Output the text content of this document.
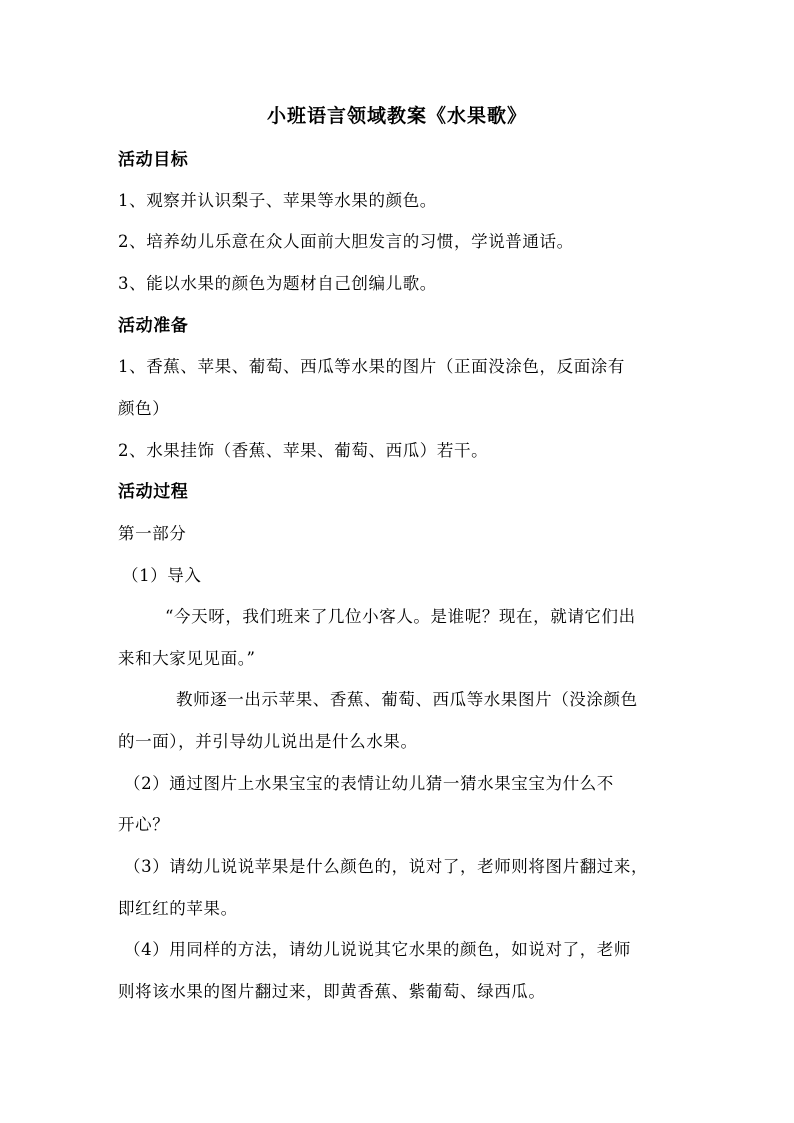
小班语言领域教案《水果歌》
活动目标
1、观察并认识梨子、苹果等水果的颜色。
2、培养幼儿乐意在众人面前大胆发言的习惯，学说普通话。
3、能以水果的颜色为题材自己创编儿歌。
活动准备
1、香蕉、苹果、葡萄、西瓜等水果的图片（正面没涂色，反面涂有
颜色）
2、水果挂饰（香蕉、苹果、葡萄、西瓜）若干。
活动过程
第一部分
（1）导入
“今天呀，我们班来了几位小客人。是谁呢？现在，就请它们出
来和大家见见面。”
教师逐一出示苹果、香蕉、葡萄、西瓜等水果图片（没涂颜色
的一面），并引导幼儿说出是什么水果。
（2）通过图片上水果宝宝的表情让幼儿猜一猜水果宝宝为什么不
开心？
（3）请幼儿说说苹果是什么颜色的，说对了，老师则将图片翻过来，
即红红的苹果。
（4）用同样的方法，请幼儿说说其它水果的颜色，如说对了，老师
则将该水果的图片翻过来，即黄香蕉、紫葡萄、绿西瓜。
